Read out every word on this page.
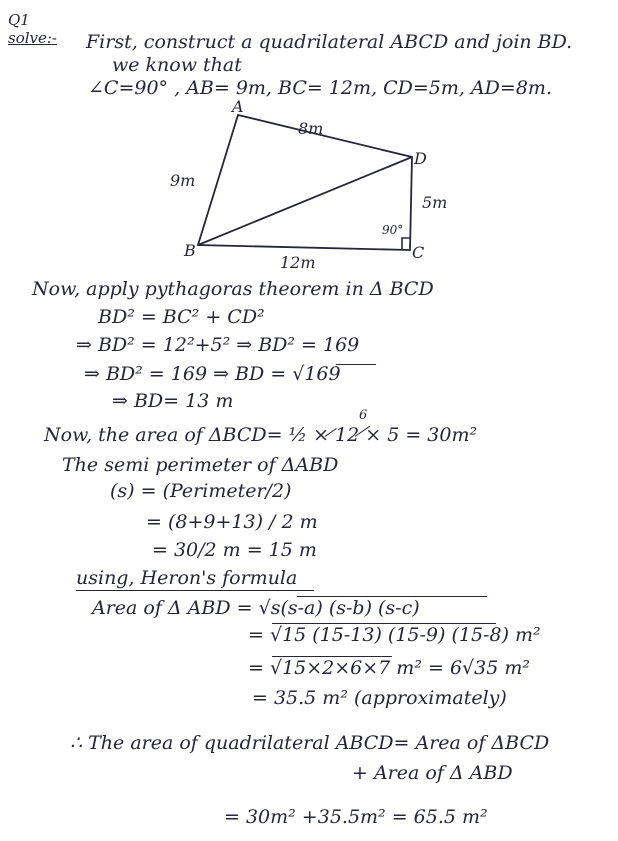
Q1
solve:- First, construct a quadrilateral ABCD and join BD.
we know that
∠C=90° , AB= 9m, BC= 12m, CD=5m, AD=8m.
A
B	C
D
8m
9m
5m
12m
90°
Now, apply pythagoras theorem in Δ BCD
BD² = BC² + CD²
⇒ BD² = 12²+5² ⇒ BD² = 169
⇒ BD² = 169 ⇒ BD = √169
⇒ BD= 13 m
Now, the area of ΔBCD= ½ × 12 × 5 = 30m²
6
The semi perimeter of ΔABD
(s) = (Perimeter/2)
= (8+9+13) / 2 m
= 30/2 m = 15 m
using, Heron's formula
Area of Δ ABD = √s(s-a) (s-b) (s-c)
= √15 (15-13) (15-9) (15-8) m²
= √15×2×6×7 m² = 6√35 m²
= 35.5 m² (approximately)
∴ The area of quadrilateral ABCD= Area of ΔBCD
+ Area of Δ ABD
= 30m² +35.5m² = 65.5 m²
